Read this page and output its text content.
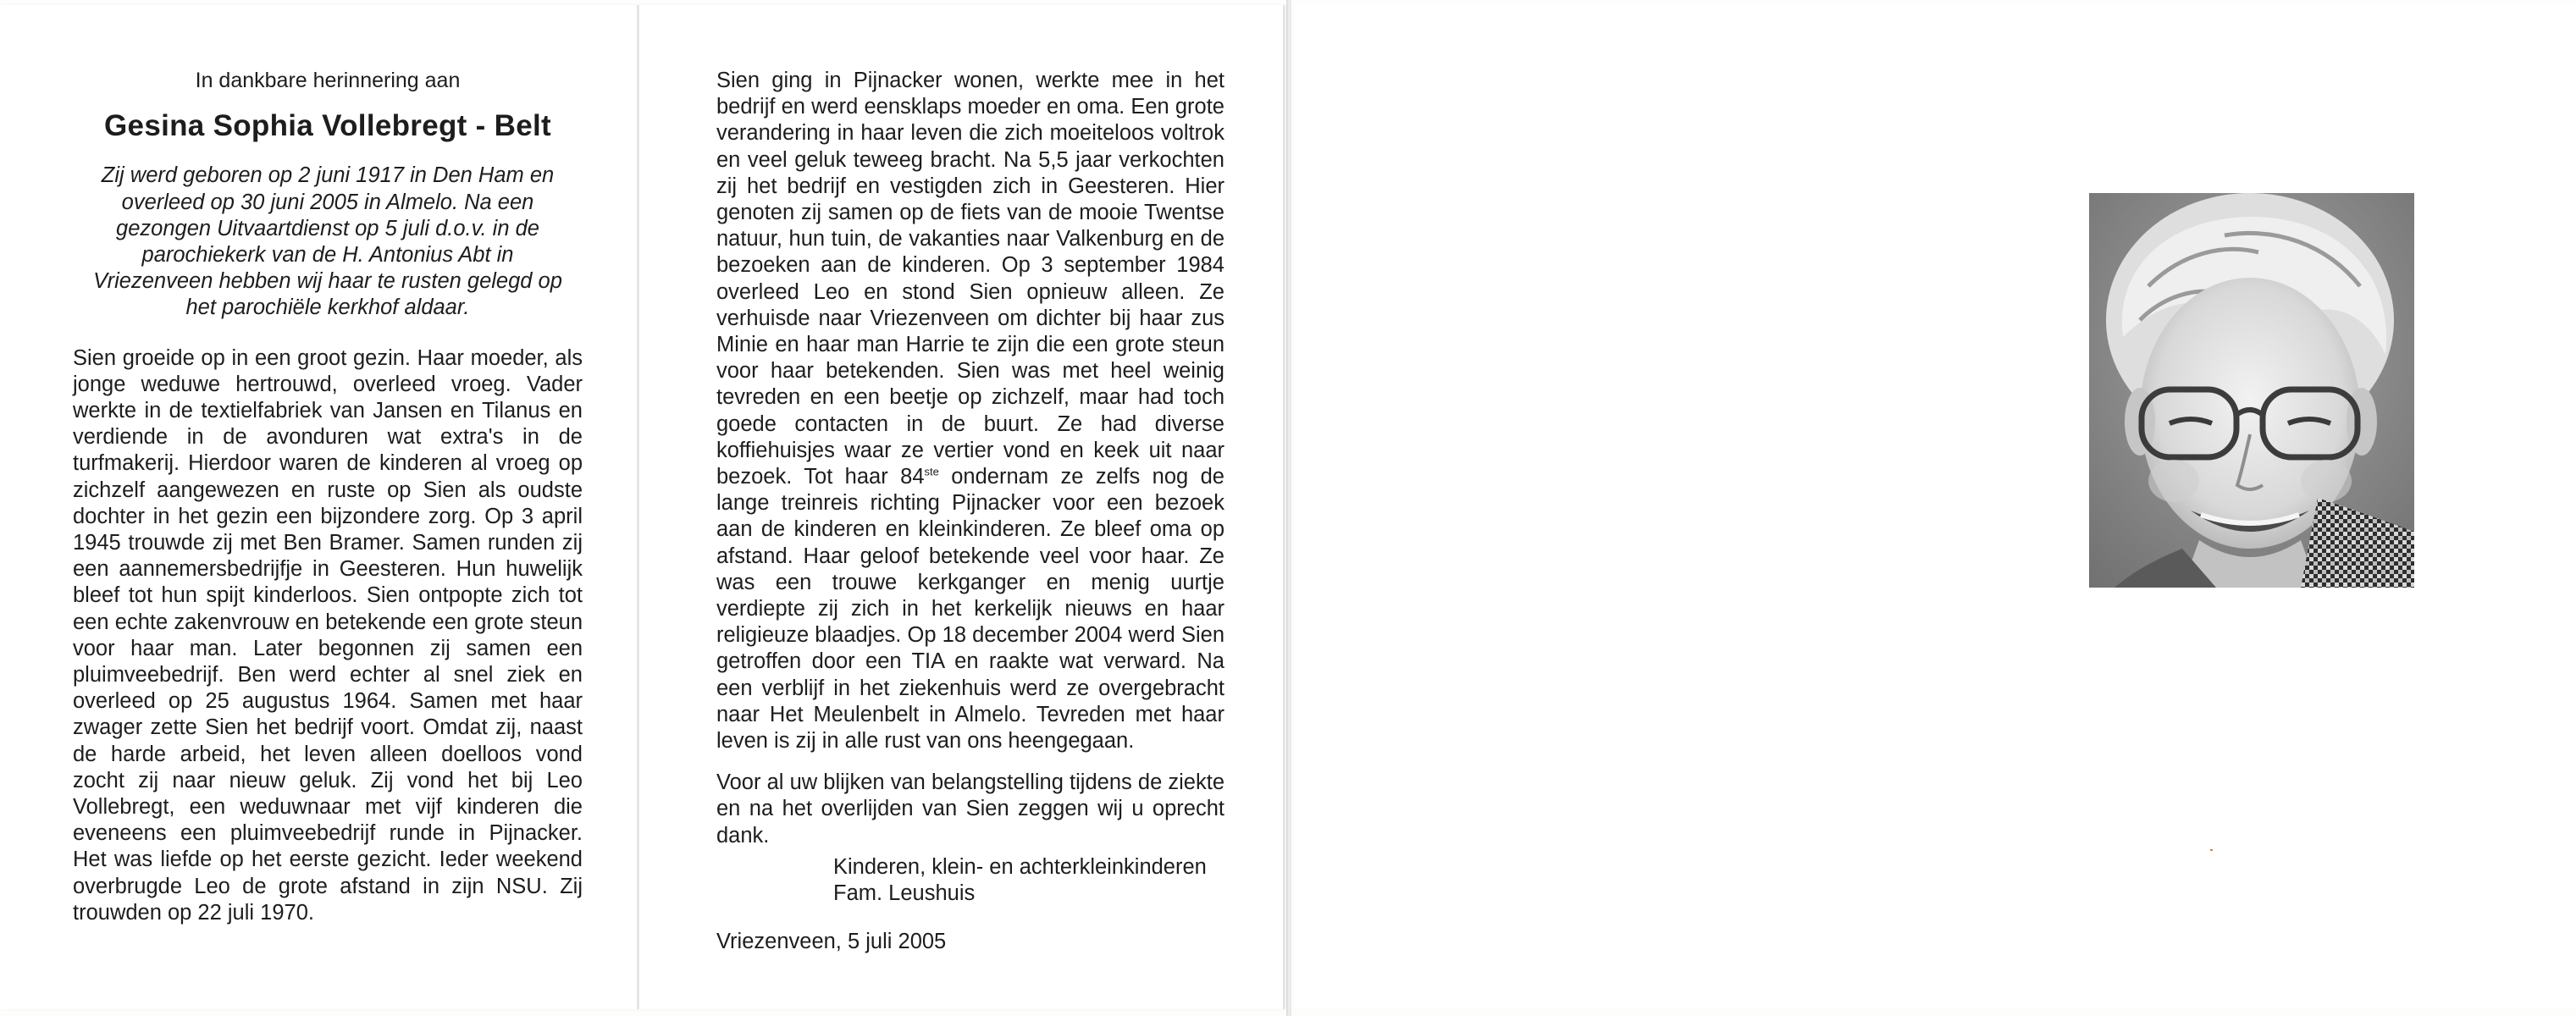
In dankbare herinnering aan

Gesina Sophia Vollebregt - Belt

Zij werd geboren op 2 juni 1917 in Den Ham en
overleed op 30 juni 2005 in Almelo. Na een
gezongen Uitvaartdienst op 5 juli d.o.v. in de
parochiekerk van de H. Antonius Abt in
Vriezenveen hebben wij haar te rusten gelegd op
het parochiële kerkhof aldaar.

Sien groeide op in een groot gezin. Haar moeder, als jonge weduwe hertrouwd, overleed vroeg. Vader werkte in de textielfabriek van Jansen en Tilanus en verdiende in de avonduren wat extra's in de turfmakerij. Hierdoor waren de kinderen al vroeg op zichzelf aangewezen en ruste op Sien als oudste dochter in het gezin een bijzondere zorg. Op 3 april 1945 trouwde zij met Ben Bramer. Samen runden zij een aannemersbedrijfje in Geesteren. Hun huwelijk bleef tot hun spijt kinderloos. Sien ontpopte zich tot een echte zakenvrouw en betekende een grote steun voor haar man. Later begonnen zij samen een pluimveebedrijf. Ben werd echter al snel ziek en overleed op 25 augustus 1964. Samen met haar zwager zette Sien het bedrijf voort. Omdat zij, naast de harde arbeid, het leven alleen doelloos vond zocht zij naar nieuw geluk. Zij vond het bij Leo Vollebregt, een weduwnaar met vijf kinderen die eveneens een pluimveebedrijf runde in Pijnacker. Het was liefde op het eerste gezicht. Ieder weekend overbrugde Leo de grote afstand in zijn NSU. Zij trouwden op 22 juli 1970.

Sien ging in Pijnacker wonen, werkte mee in het bedrijf en werd eensklaps moeder en oma. Een grote verandering in haar leven die zich moeiteloos voltrok en veel geluk teweeg bracht. Na 5,5 jaar verkochten zij het bedrijf en vestigden zich in Geesteren. Hier genoten zij samen op de fiets van de mooie Twentse natuur, hun tuin, de vakanties naar Valkenburg en de bezoeken aan de kinderen. Op 3 september 1984 overleed Leo en stond Sien opnieuw alleen. Ze verhuisde naar Vriezenveen om dichter bij haar zus Minie en haar man Harrie te zijn die een grote steun voor haar betekenden. Sien was met heel weinig tevreden en een beetje op zichzelf, maar had toch goede contacten in de buurt. Ze had diverse koffiehuisjes waar ze vertier vond en keek uit naar bezoek. Tot haar 84ste ondernam ze zelfs nog de lange treinreis richting Pijnacker voor een bezoek aan de kinderen en kleinkinderen. Ze bleef oma op afstand. Haar geloof betekende veel voor haar. Ze was een trouwe kerkganger en menig uurtje verdiepte zij zich in het kerkelijk nieuws en haar religieuze blaadjes. Op 18 december 2004 werd Sien getroffen door een TIA en raakte wat verward. Na een verblijf in het ziekenhuis werd ze overgebracht naar Het Meulenbelt in Almelo. Tevreden met haar leven is zij in alle rust van ons heengegaan.

Voor al uw blijken van belangstelling tijdens de ziekte en na het overlijden van Sien zeggen wij u oprecht dank.

Kinderen, klein- en achterkleinkinderen
Fam. Leushuis

Vriezenveen, 5 juli 2005
